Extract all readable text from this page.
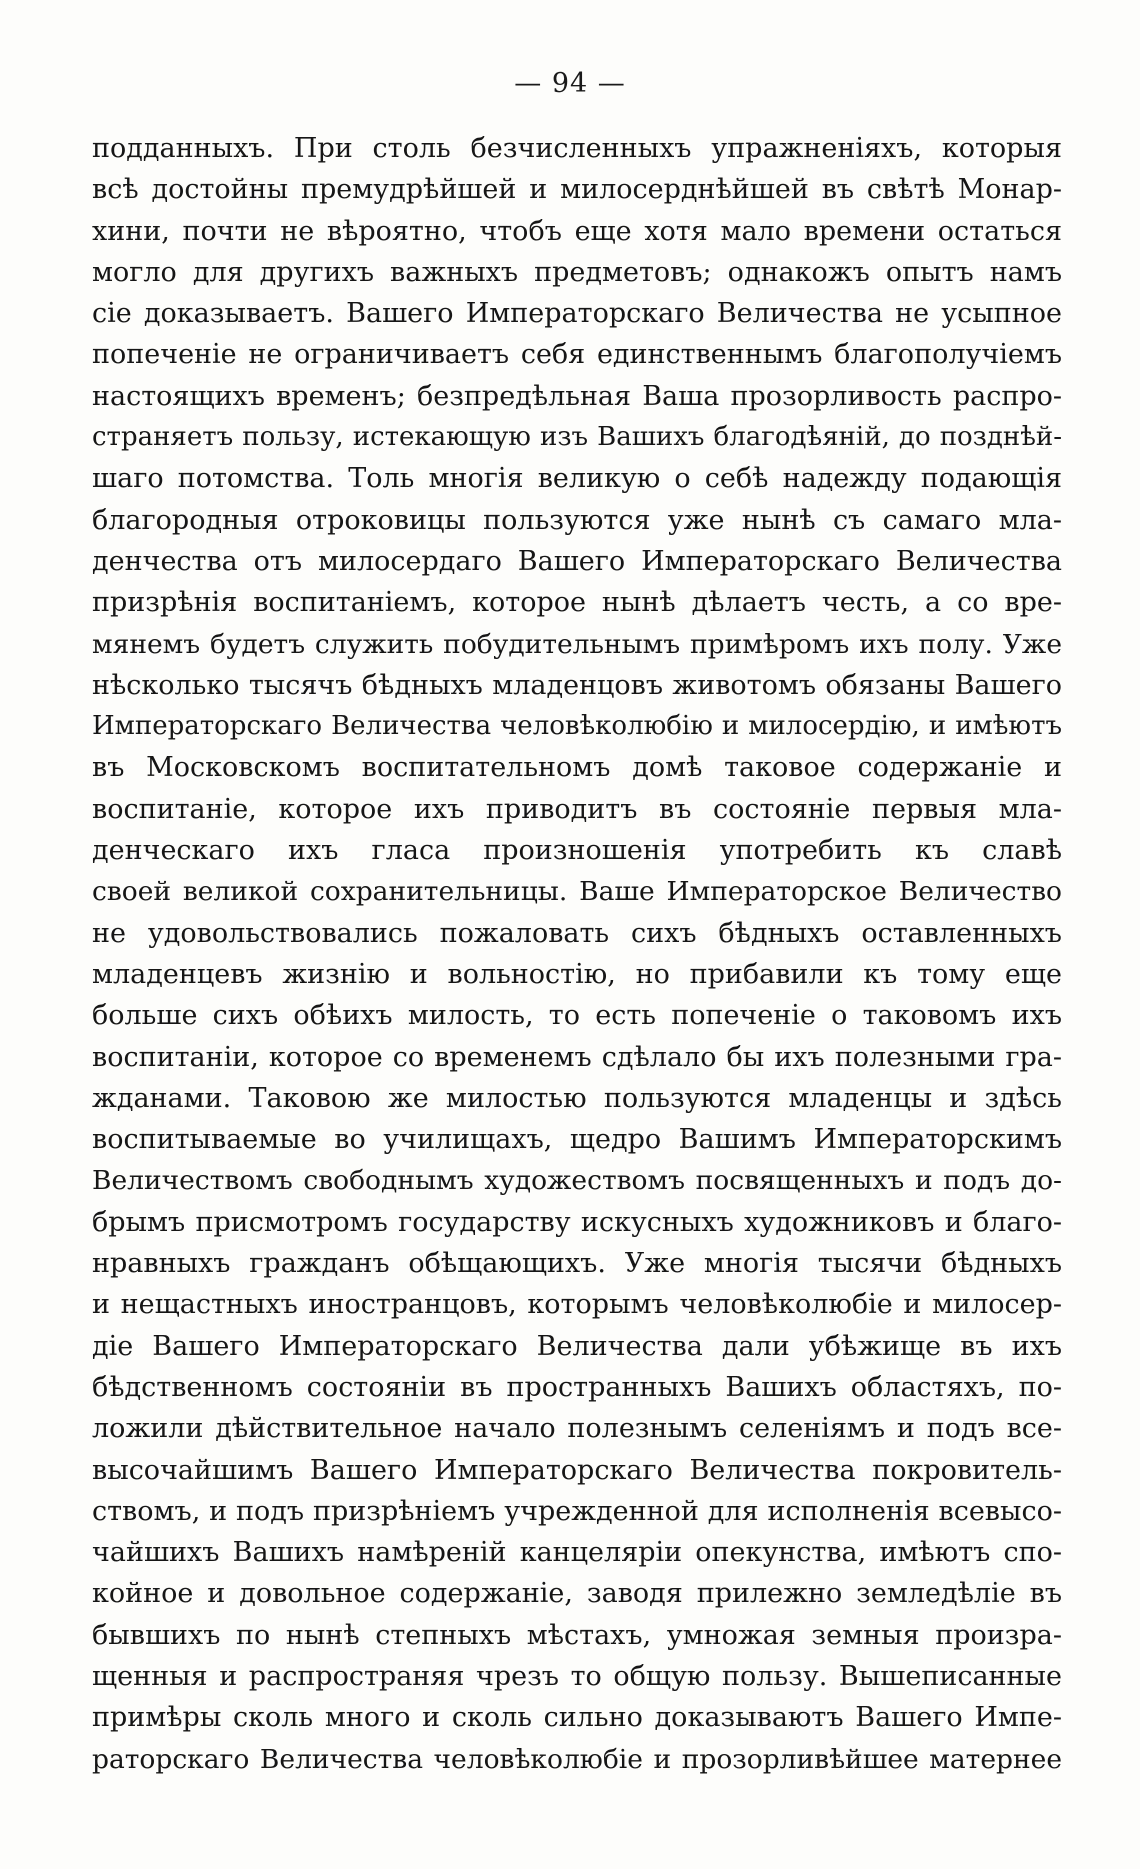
— 94 —
подданныхъ. При столь безчисленныхъ упражненіяхъ, которыя
всѣ достойны премудрѣйшей и милосерднѣйшей въ свѣтѣ Монар-
хини, почти не вѣроятно, чтобъ еще хотя мало времени остаться
могло для другихъ важныхъ предметовъ; однакожъ опытъ намъ
сіе доказываетъ. Вашего Императорскаго Величества не усыпное
попеченіе не ограничиваетъ себя единственнымъ благополучіемъ
настоящихъ временъ; безпредѣльная Ваша прозорливость распро-
страняетъ пользу, истекающую изъ Вашихъ благодѣяній, до позднѣй-
шаго потомства. Толь многія великую о себѣ надежду подающія
благородныя отроковицы пользуются уже нынѣ съ самаго мла-
денчества отъ милосердаго Вашего Императорскаго Величества
призрѣнія воспитаніемъ, которое нынѣ дѣлаетъ честь, а со вре-
мянемъ будетъ служить побудительнымъ примѣромъ ихъ полу. Уже
нѣсколько тысячъ бѣдныхъ младенцовъ животомъ обязаны Вашего
Императорскаго Величества человѣколюбію и милосердію, и имѣютъ
въ Московскомъ воспитательномъ домѣ таковое содержаніе и
воспитаніе, которое ихъ приводитъ въ состояніе первыя мла-
денческаго ихъ гласа произношенія употребить къ славѣ
своей великой сохранительницы. Ваше Императорское Величество
не удовольствовались пожаловать сихъ бѣдныхъ оставленныхъ
младенцевъ жизнію и вольностію, но прибавили къ тому еще
больше сихъ обѣихъ милость, то есть попеченіе о таковомъ ихъ
воспитаніи, которое со временемъ сдѣлало бы ихъ полезными гра-
жданами. Таковою же милостью пользуются младенцы и здѣсь
воспитываемые во училищахъ, щедро Вашимъ Императорскимъ
Величествомъ свободнымъ художествомъ посвященныхъ и подъ до-
брымъ присмотромъ государству искусныхъ художниковъ и благо-
нравныхъ гражданъ обѣщающихъ. Уже многія тысячи бѣдныхъ
и нещастныхъ иностранцовъ, которымъ человѣколюбіе и милосер-
діе Вашего Императорскаго Величества дали убѣжище въ ихъ
бѣдственномъ состояніи въ пространныхъ Вашихъ областяхъ, по-
ложили дѣйствительное начало полезнымъ селеніямъ и подъ все-
высочайшимъ Вашего Императорскаго Величества покровитель-
ствомъ, и подъ призрѣніемъ учрежденной для исполненія всевысо-
чайшихъ Вашихъ намѣреній канцеляріи опекунства, имѣютъ спо-
койное и довольное содержаніе, заводя прилежно земледѣліе въ
бывшихъ по нынѣ степныхъ мѣстахъ, умножая земныя произра-
щенныя и распространяя чрезъ то общую пользу. Вышеписанные
примѣры сколь много и сколь сильно доказываютъ Вашего Импе-
раторскаго Величества человѣколюбіе и прозорливѣйшее матернее
